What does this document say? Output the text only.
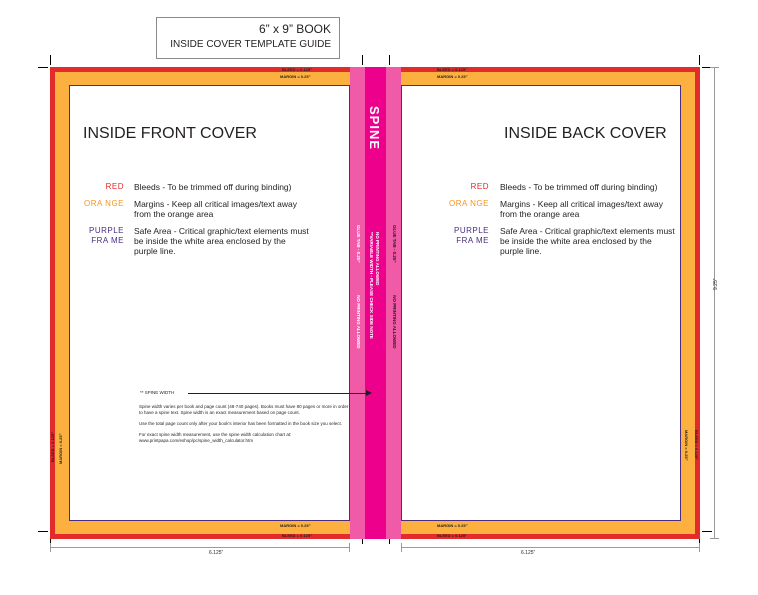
6” x 9” BOOK
INSIDE COVER TEMPLATE GUIDE
SPINE
NO PRINTING ALLOWED
**VARIABLE WIDTH - PLEASE CHECK SIDE NOTE
GLUE TAB - 0.25”  NO PRINTING ALLOWED
GLUE TAB - 0.25”  NO PRINTING ALLOWED
BLEED = 0.125”
MARGIN = 0.25”
MARGIN = 0.25”
BLEED = 0.125”
BLEED = 0.125” MARGIN = 0.25”
BLEED = 0.125”
MARGIN = 0.25”
MARGIN = 0.25”
BLEED = 0.125”
MARGIN = 0.25” BLEED = 0.125”
INSIDE FRONT COVER	INSIDE BACK COVER
RED Bleeds - To be trimmed off during binding)
ORA NGE Margins - Keep all critical images/text away from the orange area
PURPLE FRA ME
Safe Area - Critical graphic/text elements must be inside the white area enclosed by the purple line.
RED Bleeds - To be trimmed off during binding)
ORA NGE Margins - Keep all critical images/text away from the orange area
PURPLE FRA ME
Safe Area - Critical graphic/text elements must be inside the white area enclosed by the purple line.
** SPINE WIDTH

Spine width varies per book and page count (48-740 pages). Books must have 80 pages or more in order to have a spine text. Spine width is an exact measurement based on page count.

Use the total page count only after your book's interior has been formatted in the book size you select.

For exact spine width measurement, use the spine width calculation chart at: www.printpapa.com/eshop/pc/spine_width_calculator.htm

6.125”	6.125”
9.25”
